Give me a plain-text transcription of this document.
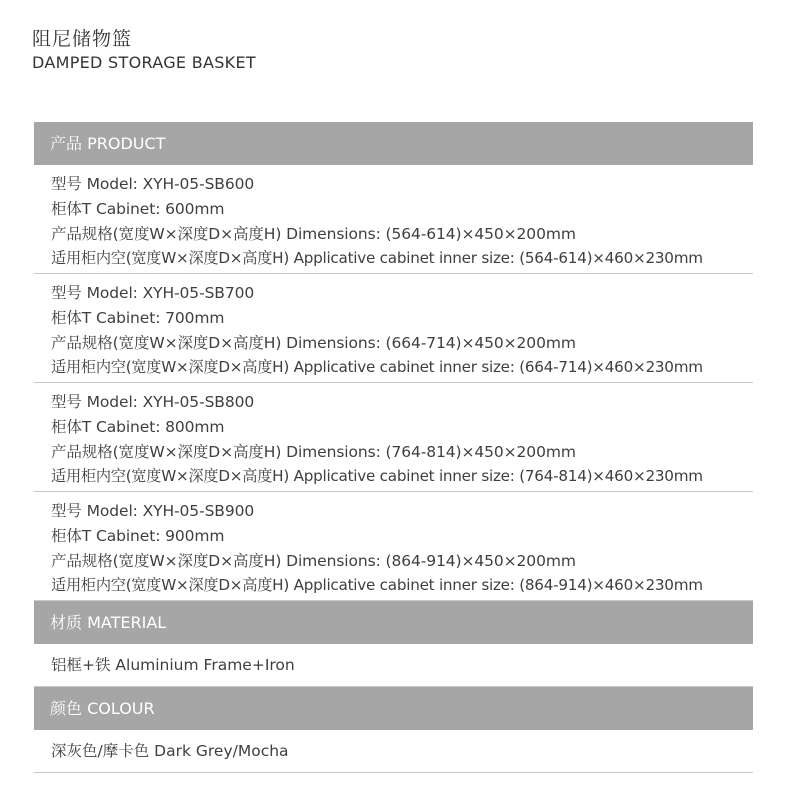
阻尼储物篮
DAMPED STORAGE BASKET
产品 PRODUCT
型号 Model: XYH-05-SB600
柜体T Cabinet: 600mm
产品规格(宽度W×深度D×高度H) Dimensions: (564-614)×450×200mm
适用柜内空(宽度W×深度D×高度H) Applicative cabinet inner size: (564-614)×460×230mm
型号 Model: XYH-05-SB700
柜体T Cabinet: 700mm
产品规格(宽度W×深度D×高度H) Dimensions: (664-714)×450×200mm
适用柜内空(宽度W×深度D×高度H) Applicative cabinet inner size: (664-714)×460×230mm
型号 Model: XYH-05-SB800
柜体T Cabinet: 800mm
产品规格(宽度W×深度D×高度H) Dimensions: (764-814)×450×200mm
适用柜内空(宽度W×深度D×高度H) Applicative cabinet inner size: (764-814)×460×230mm
型号 Model: XYH-05-SB900
柜体T Cabinet: 900mm
产品规格(宽度W×深度D×高度H) Dimensions: (864-914)×450×200mm
适用柜内空(宽度W×深度D×高度H) Applicative cabinet inner size: (864-914)×460×230mm
材质 MATERIAL
铝框+铁 Aluminium Frame+Iron
颜色 COLOUR
深灰色/摩卡色 Dark Grey/Mocha
